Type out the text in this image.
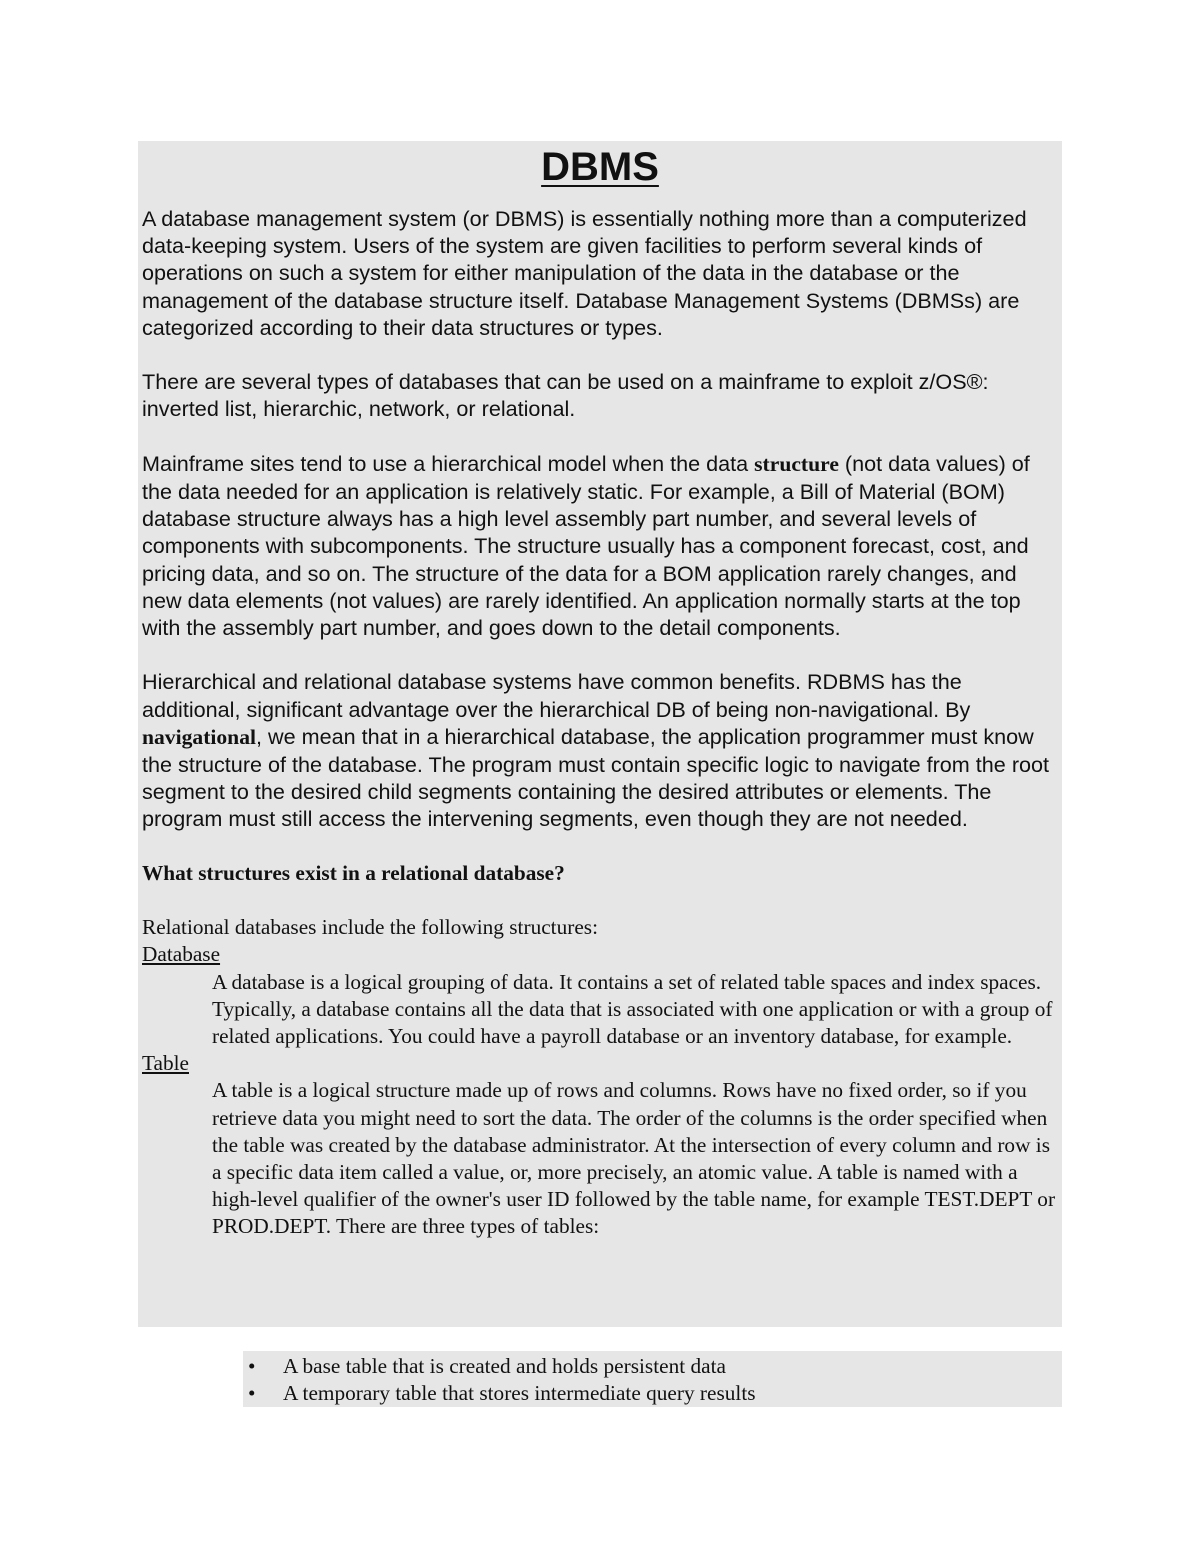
DBMS

A database management system (or DBMS) is essentially nothing more than a computerized data-keeping system. Users of the system are given facilities to perform several kinds of operations on such a system for either manipulation of the data in the database or the management of the database structure itself. Database Management Systems (DBMSs) are categorized according to their data structures or types.

There are several types of databases that can be used on a mainframe to exploit z/OS®: inverted list, hierarchic, network, or relational.

Mainframe sites tend to use a hierarchical model when the data structure (not data values) of the data needed for an application is relatively static. For example, a Bill of Material (BOM) database structure always has a high level assembly part number, and several levels of components with subcomponents. The structure usually has a component forecast, cost, and pricing data, and so on. The structure of the data for a BOM application rarely changes, and new data elements (not values) are rarely identified. An application normally starts at the top with the assembly part number, and goes down to the detail components.

Hierarchical and relational database systems have common benefits. RDBMS has the additional, significant advantage over the hierarchical DB of being non-navigational. By navigational, we mean that in a hierarchical database, the application programmer must know the structure of the database. The program must contain specific logic to navigate from the root segment to the desired child segments containing the desired attributes or elements. The program must still access the intervening segments, even though they are not needed.

What structures exist in a relational database?

Relational databases include the following structures:

Database

A database is a logical grouping of data. It contains a set of related table spaces and index spaces. Typically, a database contains all the data that is associated with one application or with a group of related applications. You could have a payroll database or an inventory database, for example.

Table

A table is a logical structure made up of rows and columns. Rows have no fixed order, so if you retrieve data you might need to sort the data. The order of the columns is the order specified when the table was created by the database administrator. At the intersection of every column and row is a specific data item called a value, or, more precisely, an atomic value. A table is named with a high-level qualifier of the owner's user ID followed by the table name, for example TEST.DEPT or PROD.DEPT. There are three types of tables:

• A base table that is created and holds persistent data
• A temporary table that stores intermediate query results
